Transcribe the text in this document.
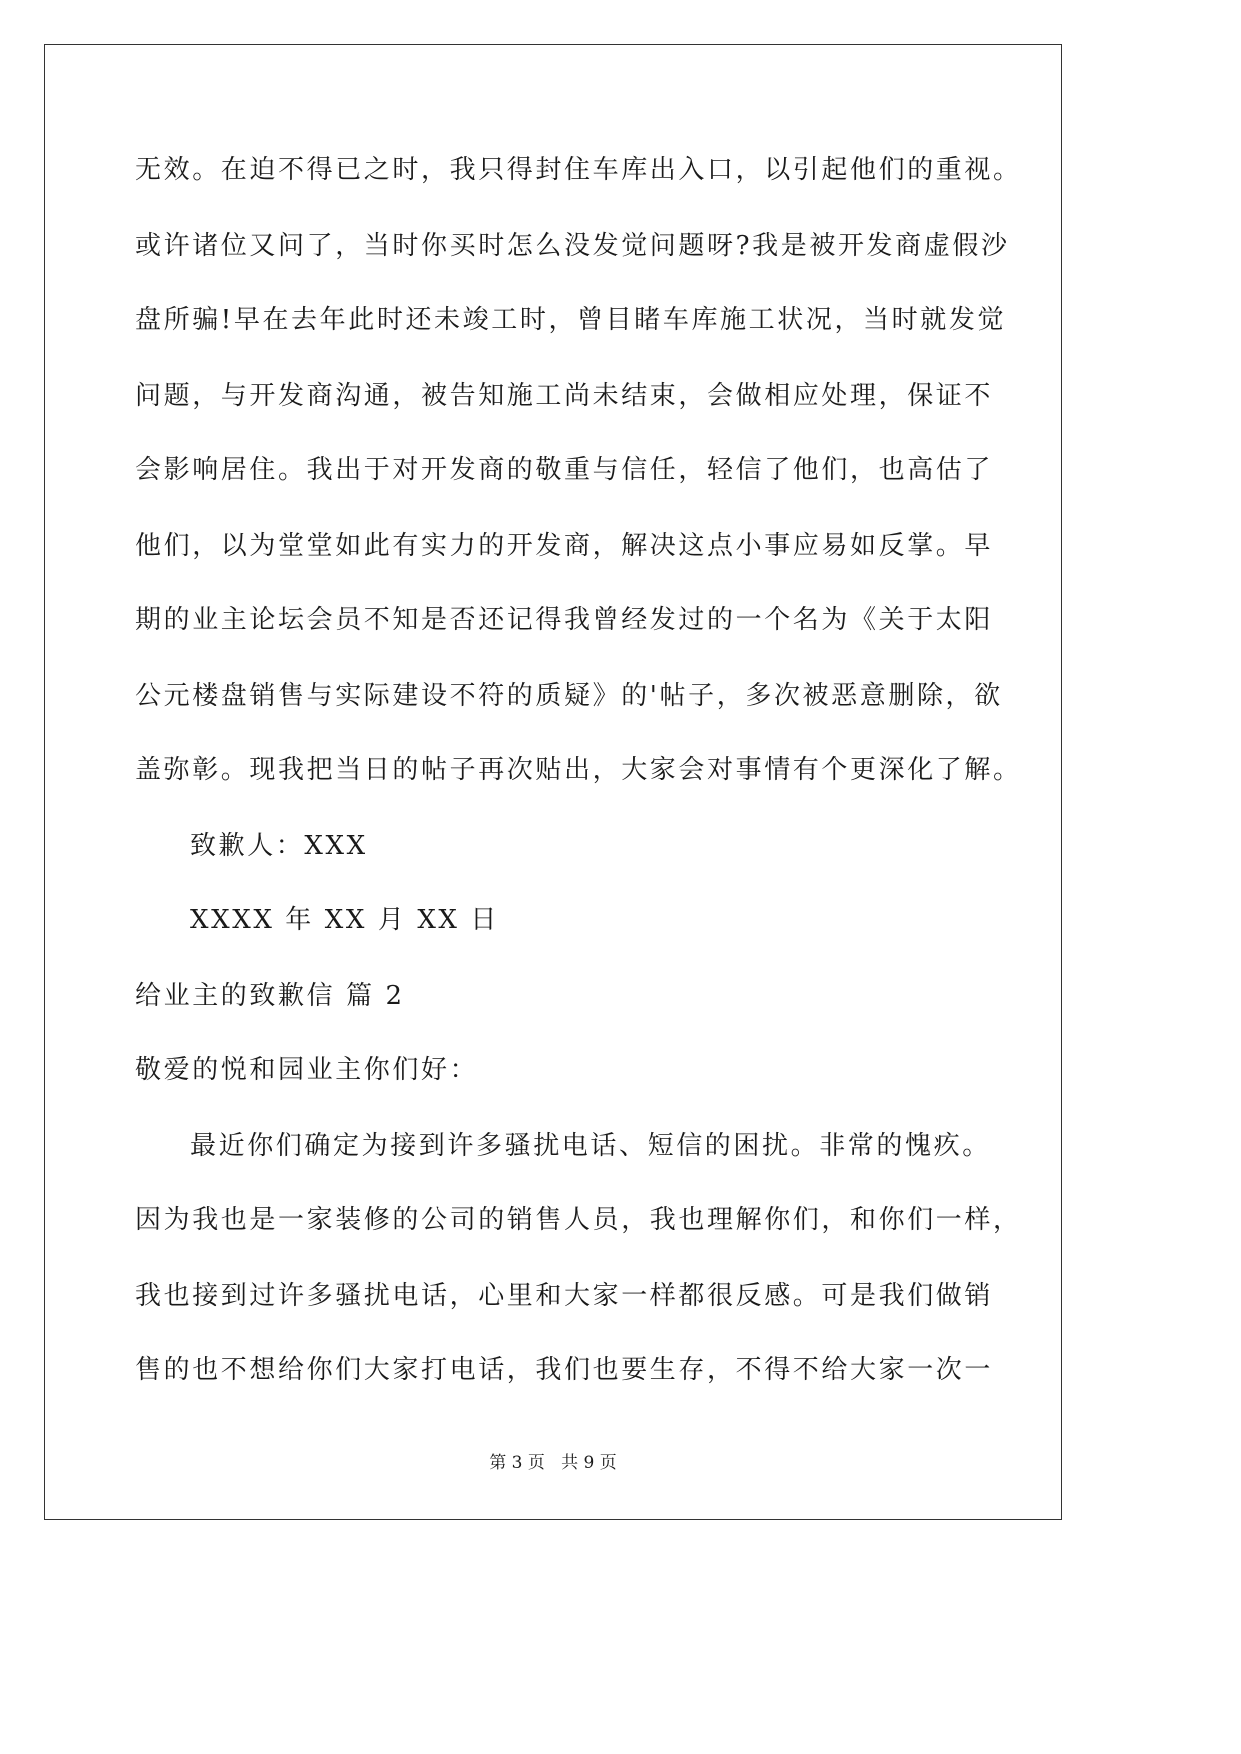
无效。在迫不得已之时，我只得封住车库出入口，以引起他们的重视。
或许诸位又问了，当时你买时怎么没发觉问题呀?我是被开发商虚假沙
盘所骗!早在去年此时还未竣工时，曾目睹车库施工状况，当时就发觉
问题，与开发商沟通，被告知施工尚未结束，会做相应处理，保证不
会影响居住。我出于对开发商的敬重与信任，轻信了他们，也高估了
他们，以为堂堂如此有实力的开发商，解决这点小事应易如反掌。早
期的业主论坛会员不知是否还记得我曾经发过的一个名为《关于太阳
公元楼盘销售与实际建设不符的质疑》的'帖子，多次被恶意删除，欲
盖弥彰。现我把当日的帖子再次贴出，大家会对事情有个更深化了解。
致歉人：XXX
XXXX 年 XX 月 XX 日
给业主的致歉信 篇 2
敬爱的悦和园业主你们好：
最近你们确定为接到许多骚扰电话、短信的困扰。非常的愧疚。
因为我也是一家装修的公司的销售人员，我也理解你们，和你们一样，
我也接到过许多骚扰电话，心里和大家一样都很反感。可是我们做销
售的也不想给你们大家打电话，我们也要生存，不得不给大家一次一
第 3 页   共 9 页
